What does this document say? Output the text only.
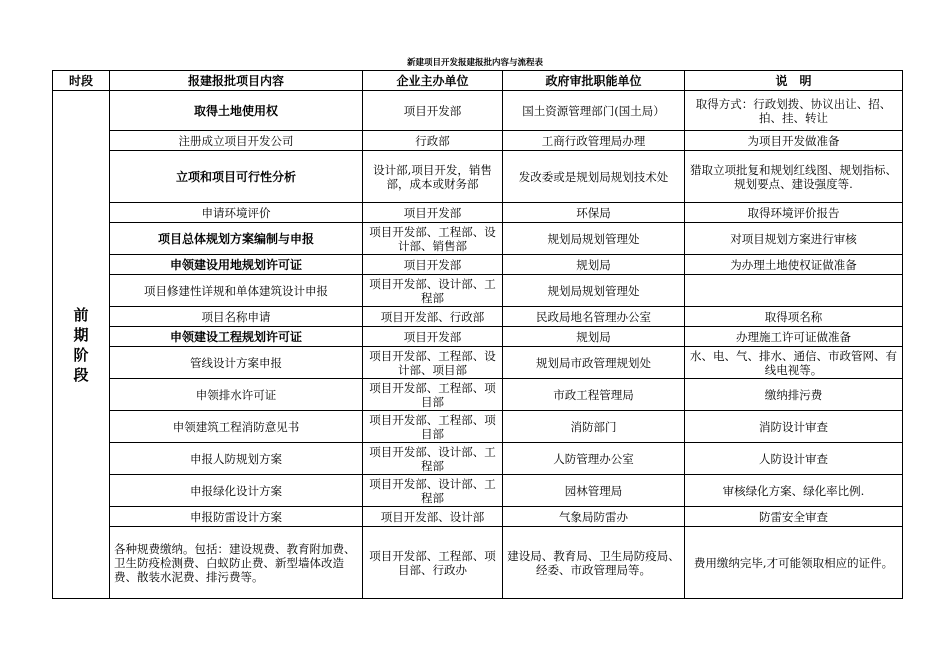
新建项目开发报建报批内容与流程表
时段	报建报批项目内容	企业主办单位	政府审批职能单位	说　明

前期阶段	取得土地使用权	项目开发部	国土资源管理部门(国土局）	取得方式：行政划拨、协议出让、招、拍、挂、转让
	注册成立项目开发公司	行政部	工商行政管理局办理	为项目开发做准备
	立项和项目可行性分析	设计部,项目开发，销售部，成本或财务部	发改委或是规划局规划技术处	猎取立项批复和规划红线图、规划指标、规划要点、建设强度等.
	申请环境评价	项目开发部	环保局	取得环境评价报告
	项目总体规划方案编制与申报	项目开发部、工程部、设计部、销售部	规划局规划管理处	对项目规划方案进行审核
	申领建设用地规划许可证	项目开发部	规划局	为办理土地使权证做准备
	项目修建性详规和单体建筑设计申报	项目开发部、设计部、工程部	规划局规划管理处	
	项目名称申请	项目开发部、行政部	民政局地名管理办公室	取得项名称
	申领建设工程规划许可证	项目开发部	规划局	办理施工许可证做准备
	管线设计方案申报	项目开发部、工程部、设计部、项目部	规划局市政管理规划处	水、电、气、排水、通信、市政管网、有线电视等。
	申领排水许可证	项目开发部、工程部、项目部	市政工程管理局	缴纳排污费
	申领建筑工程消防意见书	项目开发部、工程部、项目部	消防部门	消防设计审查
	申报人防规划方案	项目开发部、设计部、工程部	人防管理办公室	人防设计审查
	申报绿化设计方案	项目开发部、设计部、工程部	园林管理局	审核绿化方案、绿化率比例.
	申报防雷设计方案	项目开发部、设计部	气象局防雷办	防雷安全审查
	各种规费缴纳。包括：建设规费、教育附加费、卫生防疫检测费、白蚁防止费、新型墙体改造费、散装水泥费、排污费等。	项目开发部、工程部、项目部、行政办	建设局、教育局、卫生局防疫局、经委、市政管理局等。	费用缴纳完毕,才可能领取相应的证件。
